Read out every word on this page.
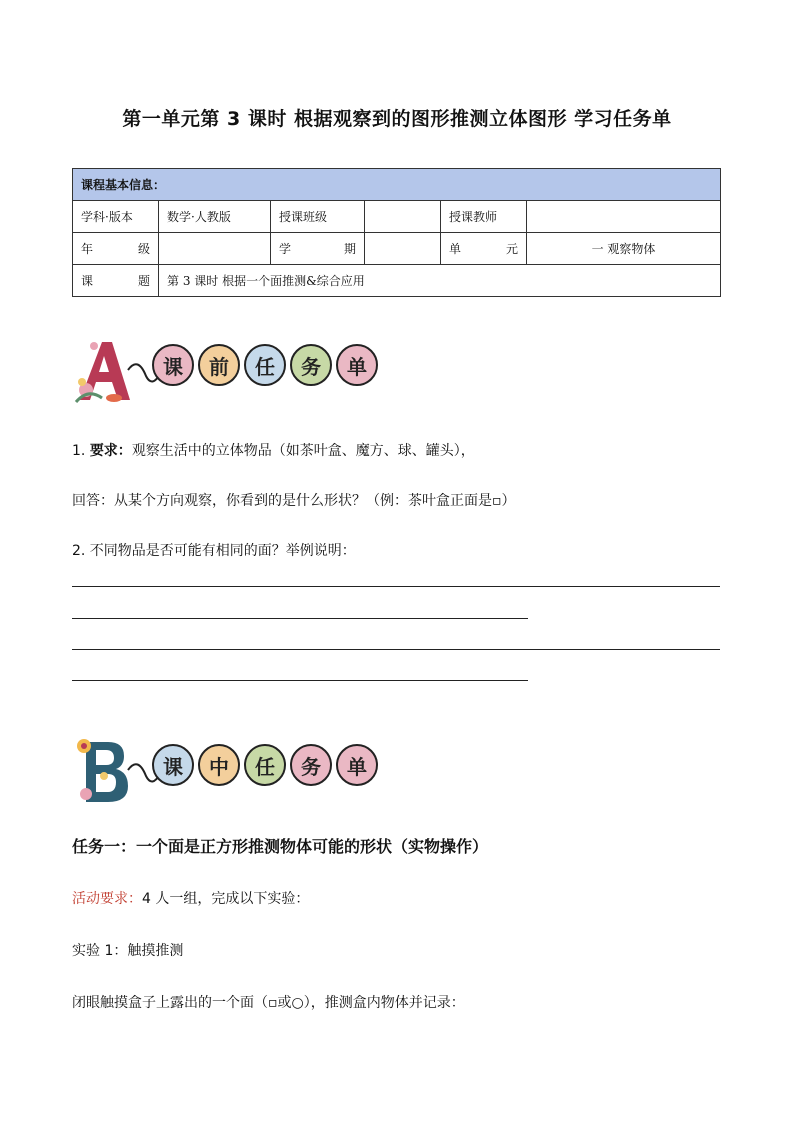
第一单元第 3 课时 根据观察到的图形推测立体图形 学习任务单
课程基本信息：					
学科·版本	数学·人教版	授课班级		授课教师	

年 级		学 期		单 元	一 观察物体

课 题	第 3 课时 根据一个面推测&综合应用				
课	前	任	务	单
1. 要求：观察生活中的立体物品（如茶叶盒、魔方、球、罐头），
回答：从某个方向观察，你看到的是什么形状？（例：茶叶盒正面是▫）
2. 不同物品是否可能有相同的面？举例说明：
课	中	任	务	单
任务一：一个面是正方形推测物体可能的形状（实物操作）
活动要求：4 人一组，完成以下实验：
实验 1：触摸推测
闭眼触摸盒子上露出的一个面（▫或○），推测盒内物体并记录：
